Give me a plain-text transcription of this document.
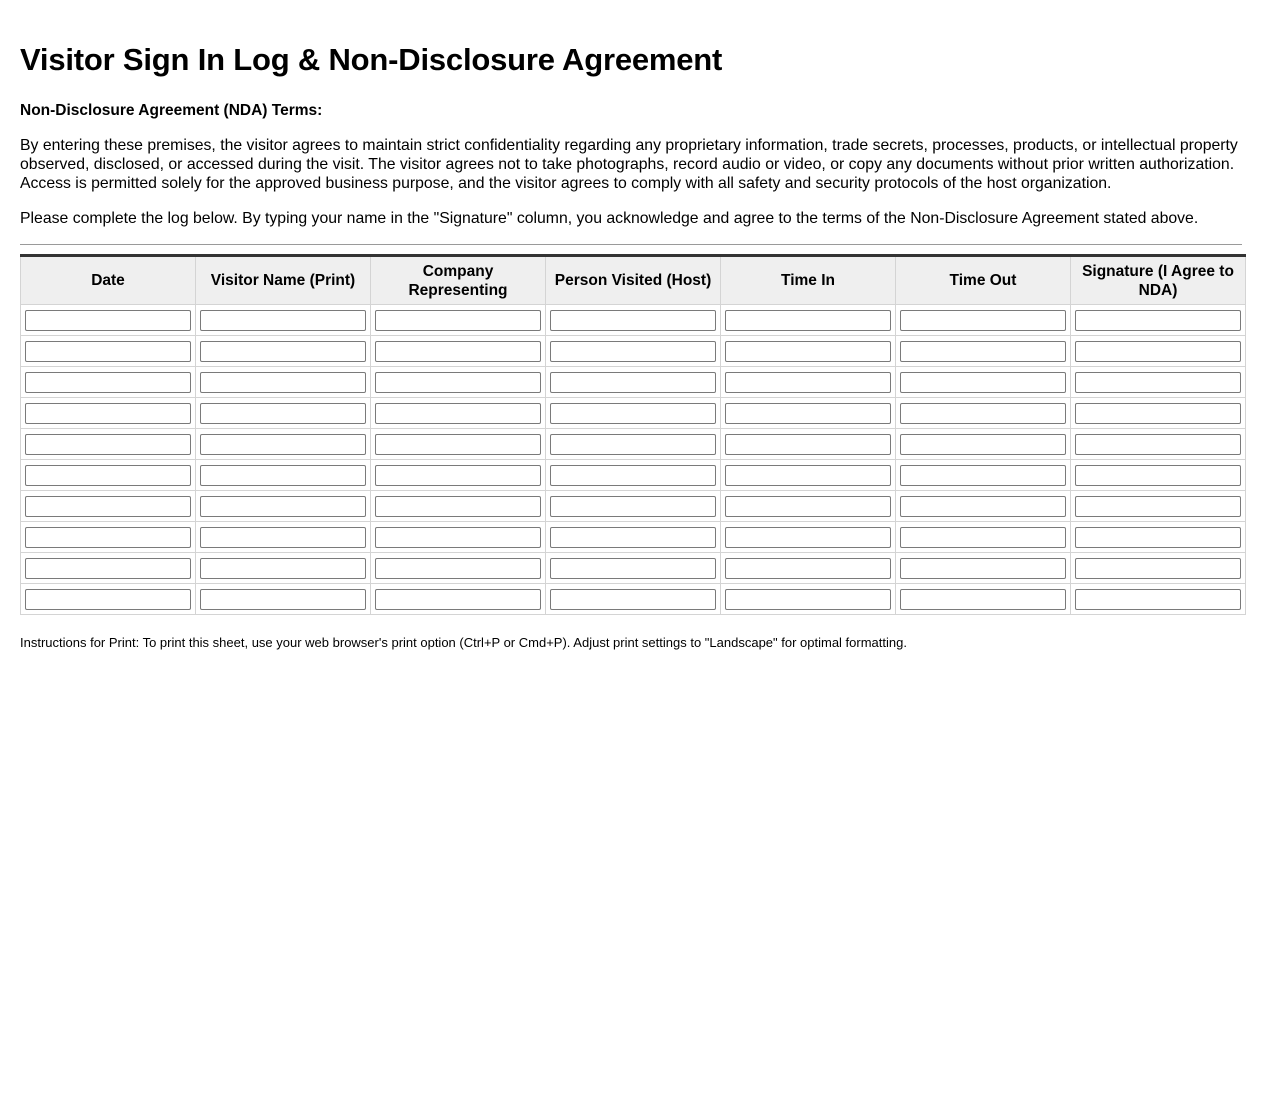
Visitor Sign In Log & Non-Disclosure Agreement

Non-Disclosure Agreement (NDA) Terms:

By entering these premises, the visitor agrees to maintain strict confidentiality regarding any proprietary information, trade secrets, processes, products, or intellectual property observed, disclosed, or accessed during the visit. The visitor agrees not to take photographs, record audio or video, or copy any documents without prior written authorization. Access is permitted solely for the approved business purpose, and the visitor agrees to comply with all safety and security protocols of the host organization.

Please complete the log below. By typing your name in the "Signature" column, you acknowledge and agree to the terms of the Non-Disclosure Agreement stated above.

Date	Visitor Name (Print)	Company Representing	Person Visited (Host)	Time In	Time Out	Signature (I Agree to NDA)

Instructions for Print: To print this sheet, use your web browser's print option (Ctrl+P or Cmd+P). Adjust print settings to "Landscape" for optimal formatting.
